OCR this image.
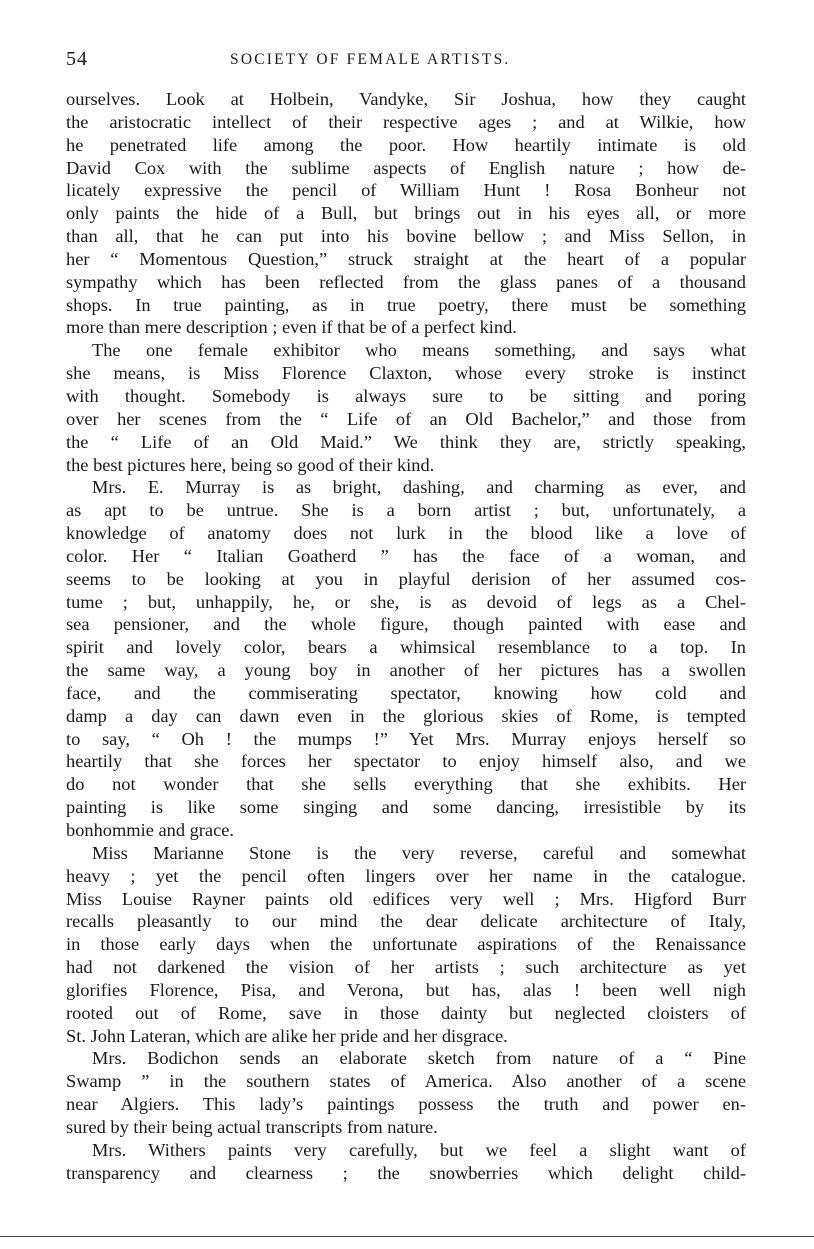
54	SOCIETY OF FEMALE ARTISTS.
ourselves. Look at Holbein, Vandyke, Sir Joshua, how they caught
the aristocratic intellect of their respective ages ; and at Wilkie, how
he penetrated life among the poor. How heartily intimate is old
David Cox with the sublime aspects of English nature ; how de-
licately expressive the pencil of William Hunt ! Rosa Bonheur not
only paints the hide of a Bull, but brings out in his eyes all, or more
than all, that he can put into his bovine bellow ; and Miss Sellon, in
her “ Momentous Question,” struck straight at the heart of a popular
sympathy which has been reflected from the glass panes of a thousand
shops. In true painting, as in true poetry, there must be something
more than mere description ; even if that be of a perfect kind.
The one female exhibitor who means something, and says what
she means, is Miss Florence Claxton, whose every stroke is instinct
with thought. Somebody is always sure to be sitting and poring
over her scenes from the “ Life of an Old Bachelor,” and those from
the “ Life of an Old Maid.” We think they are, strictly speaking,
the best pictures here, being so good of their kind.
Mrs. E. Murray is as bright, dashing, and charming as ever, and
as apt to be untrue. She is a born artist ; but, unfortunately, a
knowledge of anatomy does not lurk in the blood like a love of
color. Her “ Italian Goatherd ” has the face of a woman, and
seems to be looking at you in playful derision of her assumed cos-
tume ; but, unhappily, he, or she, is as devoid of legs as a Chel-
sea pensioner, and the whole figure, though painted with ease and
spirit and lovely color, bears a whimsical resemblance to a top. In
the same way, a young boy in another of her pictures has a swollen
face, and the commiserating spectator, knowing how cold and
damp a day can dawn even in the glorious skies of Rome, is tempted
to say, “ Oh ! the mumps !” Yet Mrs. Murray enjoys herself so
heartily that she forces her spectator to enjoy himself also, and we
do not wonder that she sells everything that she exhibits. Her
painting is like some singing and some dancing, irresistible by its
bonhommie and grace.
Miss Marianne Stone is the very reverse, careful and somewhat
heavy ; yet the pencil often lingers over her name in the catalogue.
Miss Louise Rayner paints old edifices very well ; Mrs. Higford Burr
recalls pleasantly to our mind the dear delicate architecture of Italy,
in those early days when the unfortunate aspirations of the Renaissance
had not darkened the vision of her artists ; such architecture as yet
glorifies Florence, Pisa, and Verona, but has, alas ! been well nigh
rooted out of Rome, save in those dainty but neglected cloisters of
St. John Lateran, which are alike her pride and her disgrace.
Mrs. Bodichon sends an elaborate sketch from nature of a “ Pine
Swamp ” in the southern states of America. Also another of a scene
near Algiers. This lady’s paintings possess the truth and power en-
sured by their being actual transcripts from nature.
Mrs. Withers paints very carefully, but we feel a slight want of
transparency and clearness ; the snowberries which delight child-
